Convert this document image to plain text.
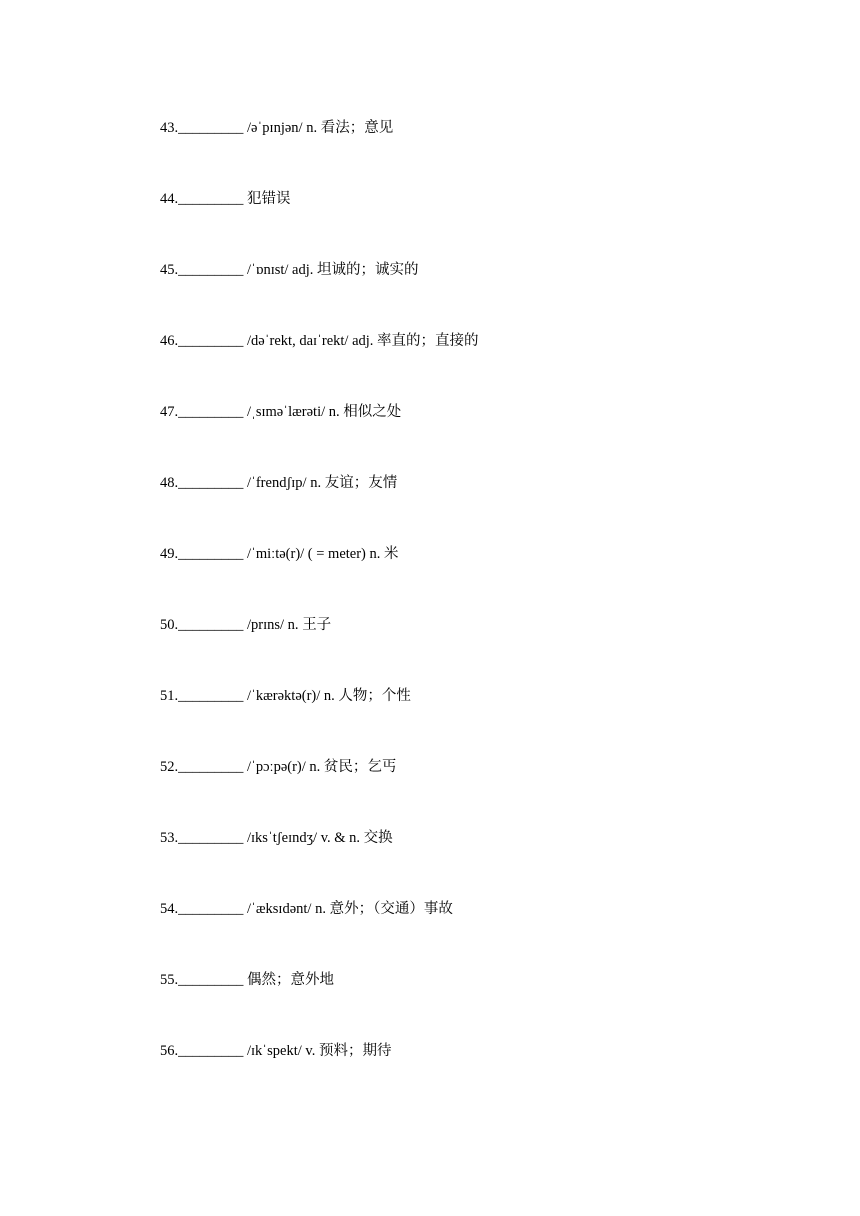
43._________ /əˈpɪnjən/ n. 看法；意见
44._________ 犯错误
45._________ /ˈɒnɪst/ adj. 坦诚的；诚实的
46._________ /dəˈrekt, daɪˈrekt/ adj. 率直的；直接的
47._________ /ˌsɪməˈlærəti/ n. 相似之处
48._________ /ˈfrendʃɪp/ n. 友谊；友情
49._________ /ˈmiːtə(r)/ ( = meter) n. 米
50._________ /prɪns/ n. 王子
51._________ /ˈkærəktə(r)/ n. 人物；个性
52._________ /ˈpɔːpə(r)/ n. 贫民；乞丐
53._________ /ɪksˈtʃeɪndʒ/ v. & n. 交换
54._________ /ˈæksɪdənt/ n. 意外；（交通）事故
55._________ 偶然；意外地
56._________ /ɪkˈspekt/ v. 预料；期待
